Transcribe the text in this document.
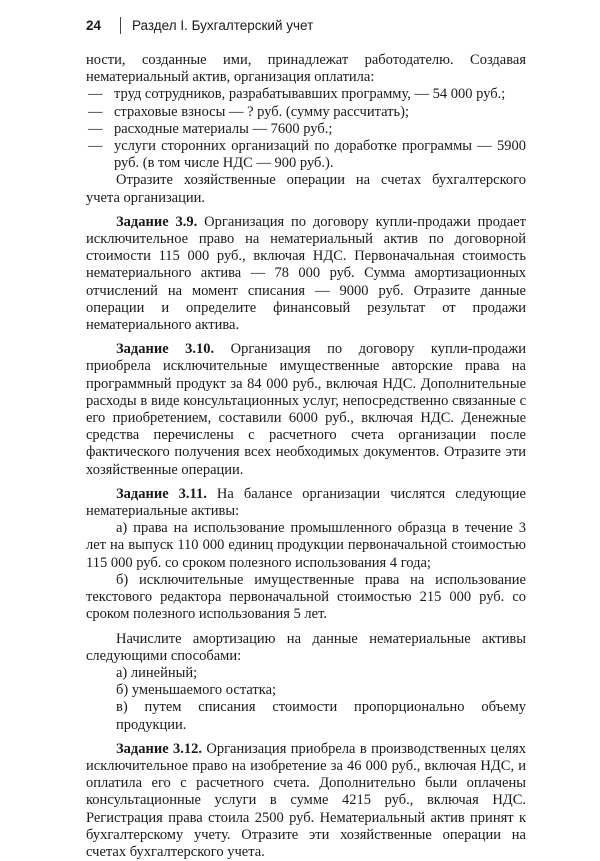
24 Раздел I. Бухгалтерский учет

ности, созданные ими, принадлежат работодателю. Создавая нематериальный актив, организация оплатила:

— труд сотрудников, разрабатывавших программу, — 54 000 руб.;

— страховые взносы — ? руб. (сумму рассчитать);

— расходные материалы — 7600 руб.;

— услуги сторонних организаций по доработке программы — 5900 руб. (в том числе НДС — 900 руб.).

Отразите хозяйственные операции на счетах бухгалтерского учета организации.

Задание 3.9. Организация по договору купли-продажи продает исключительное право на нематериальный актив по договорной стоимости 115 000 руб., включая НДС. Первоначальная стоимость нематериального актива — 78 000 руб. Сумма амортизационных отчислений на момент списания — 9000 руб. Отразите данные операции и определите финансовый результат от продажи нематериального актива.

Задание 3.10. Организация по договору купли-продажи приобрела исключительные имущественные авторские права на программный продукт за 84 000 руб., включая НДС. Дополнительные расходы в виде консультационных услуг, непосредственно связанные с его приобретением, составили 6000 руб., включая НДС. Денежные средства перечислены с расчетного счета организации после фактического получения всех необходимых документов. Отразите эти хозяйственные операции.

Задание 3.11. На балансе организации числятся следующие нематериальные активы:

а) права на использование промышленного образца в течение 3 лет на выпуск 110 000 единиц продукции первоначальной стоимостью 115 000 руб. со сроком полезного использования 4 года;

б) исключительные имущественные права на использование текстового редактора первоначальной стоимостью 215 000 руб. со сроком полезного использования 5 лет.

Начислите амортизацию на данные нематериальные активы следующими способами:

а) линейный;

б) уменьшаемого остатка;

в) путем списания стоимости пропорционально объему продукции.

Задание 3.12. Организация приобрела в производственных целях исключительное право на изобретение за 46 000 руб., включая НДС, и оплатила его с расчетного счета. Дополнительно были оплачены консультационные услуги в сумме 4215 руб., включая НДС. Регистрация права стоила 2500 руб. Нематериальный актив принят к бухгалтерскому учету. Отразите эти хозяйственные операции на счетах бухгалтерского учета.
